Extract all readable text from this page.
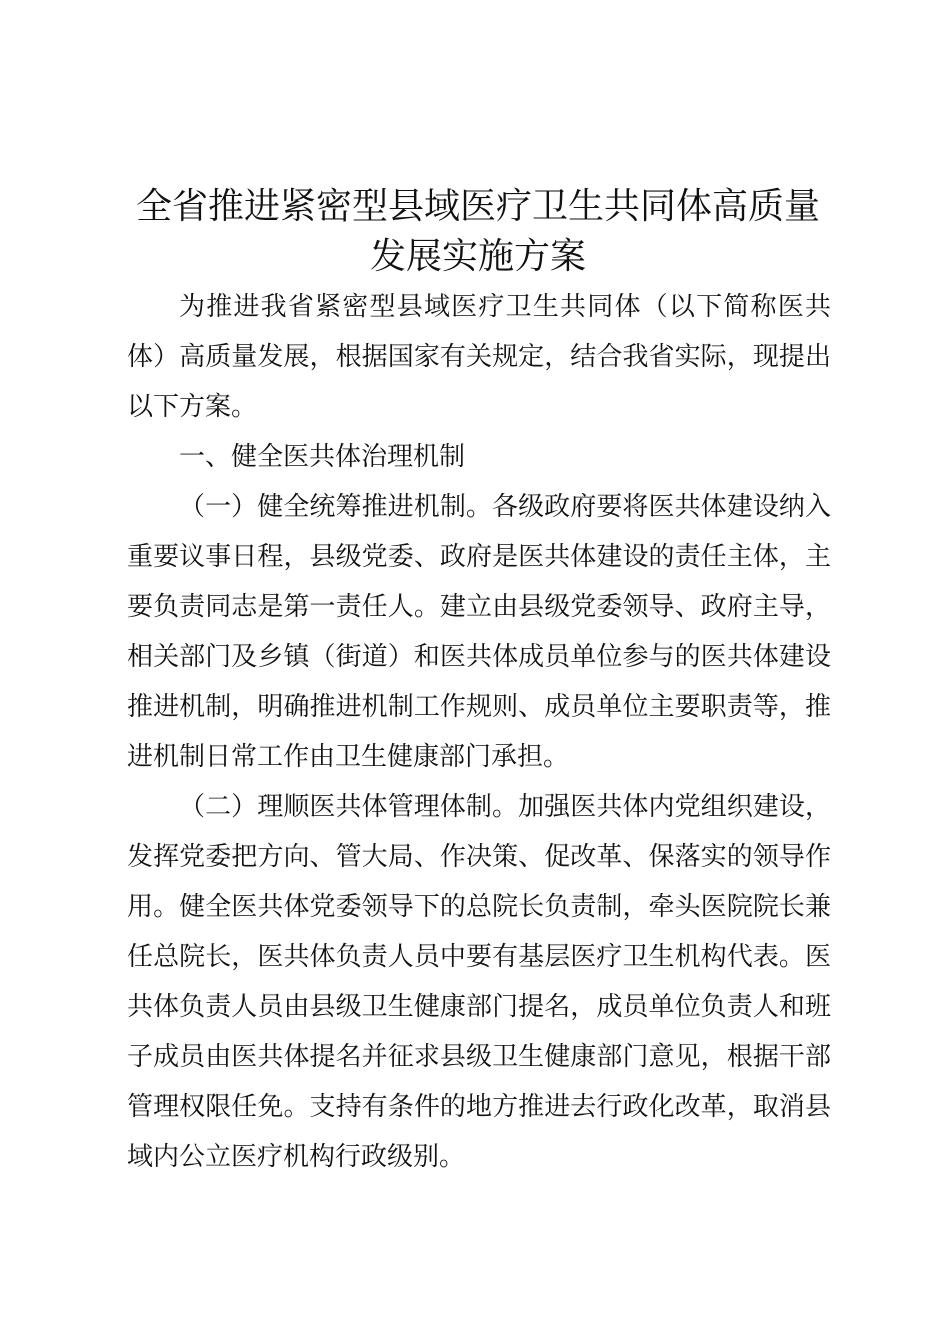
全省推进紧密型县域医疗卫生共同体高质量发展实施方案

为推进我省紧密型县域医疗卫生共同体（以下简称医共体）高质量发展，根据国家有关规定，结合我省实际，现提出以下方案。

一、健全医共体治理机制

（一）健全统筹推进机制。各级政府要将医共体建设纳入重要议事日程，县级党委、政府是医共体建设的责任主体，主要负责同志是第一责任人。建立由县级党委领导、政府主导，相关部门及乡镇（街道）和医共体成员单位参与的医共体建设推进机制，明确推进机制工作规则、成员单位主要职责等，推进机制日常工作由卫生健康部门承担。

（二）理顺医共体管理体制。加强医共体内党组织建设，发挥党委把方向、管大局、作决策、促改革、保落实的领导作用。健全医共体党委领导下的总院长负责制，牵头医院院长兼任总院长，医共体负责人员中要有基层医疗卫生机构代表。医共体负责人员由县级卫生健康部门提名，成员单位负责人和班子成员由医共体提名并征求县级卫生健康部门意见，根据干部管理权限任免。支持有条件的地方推进去行政化改革，取消县域内公立医疗机构行政级别。
